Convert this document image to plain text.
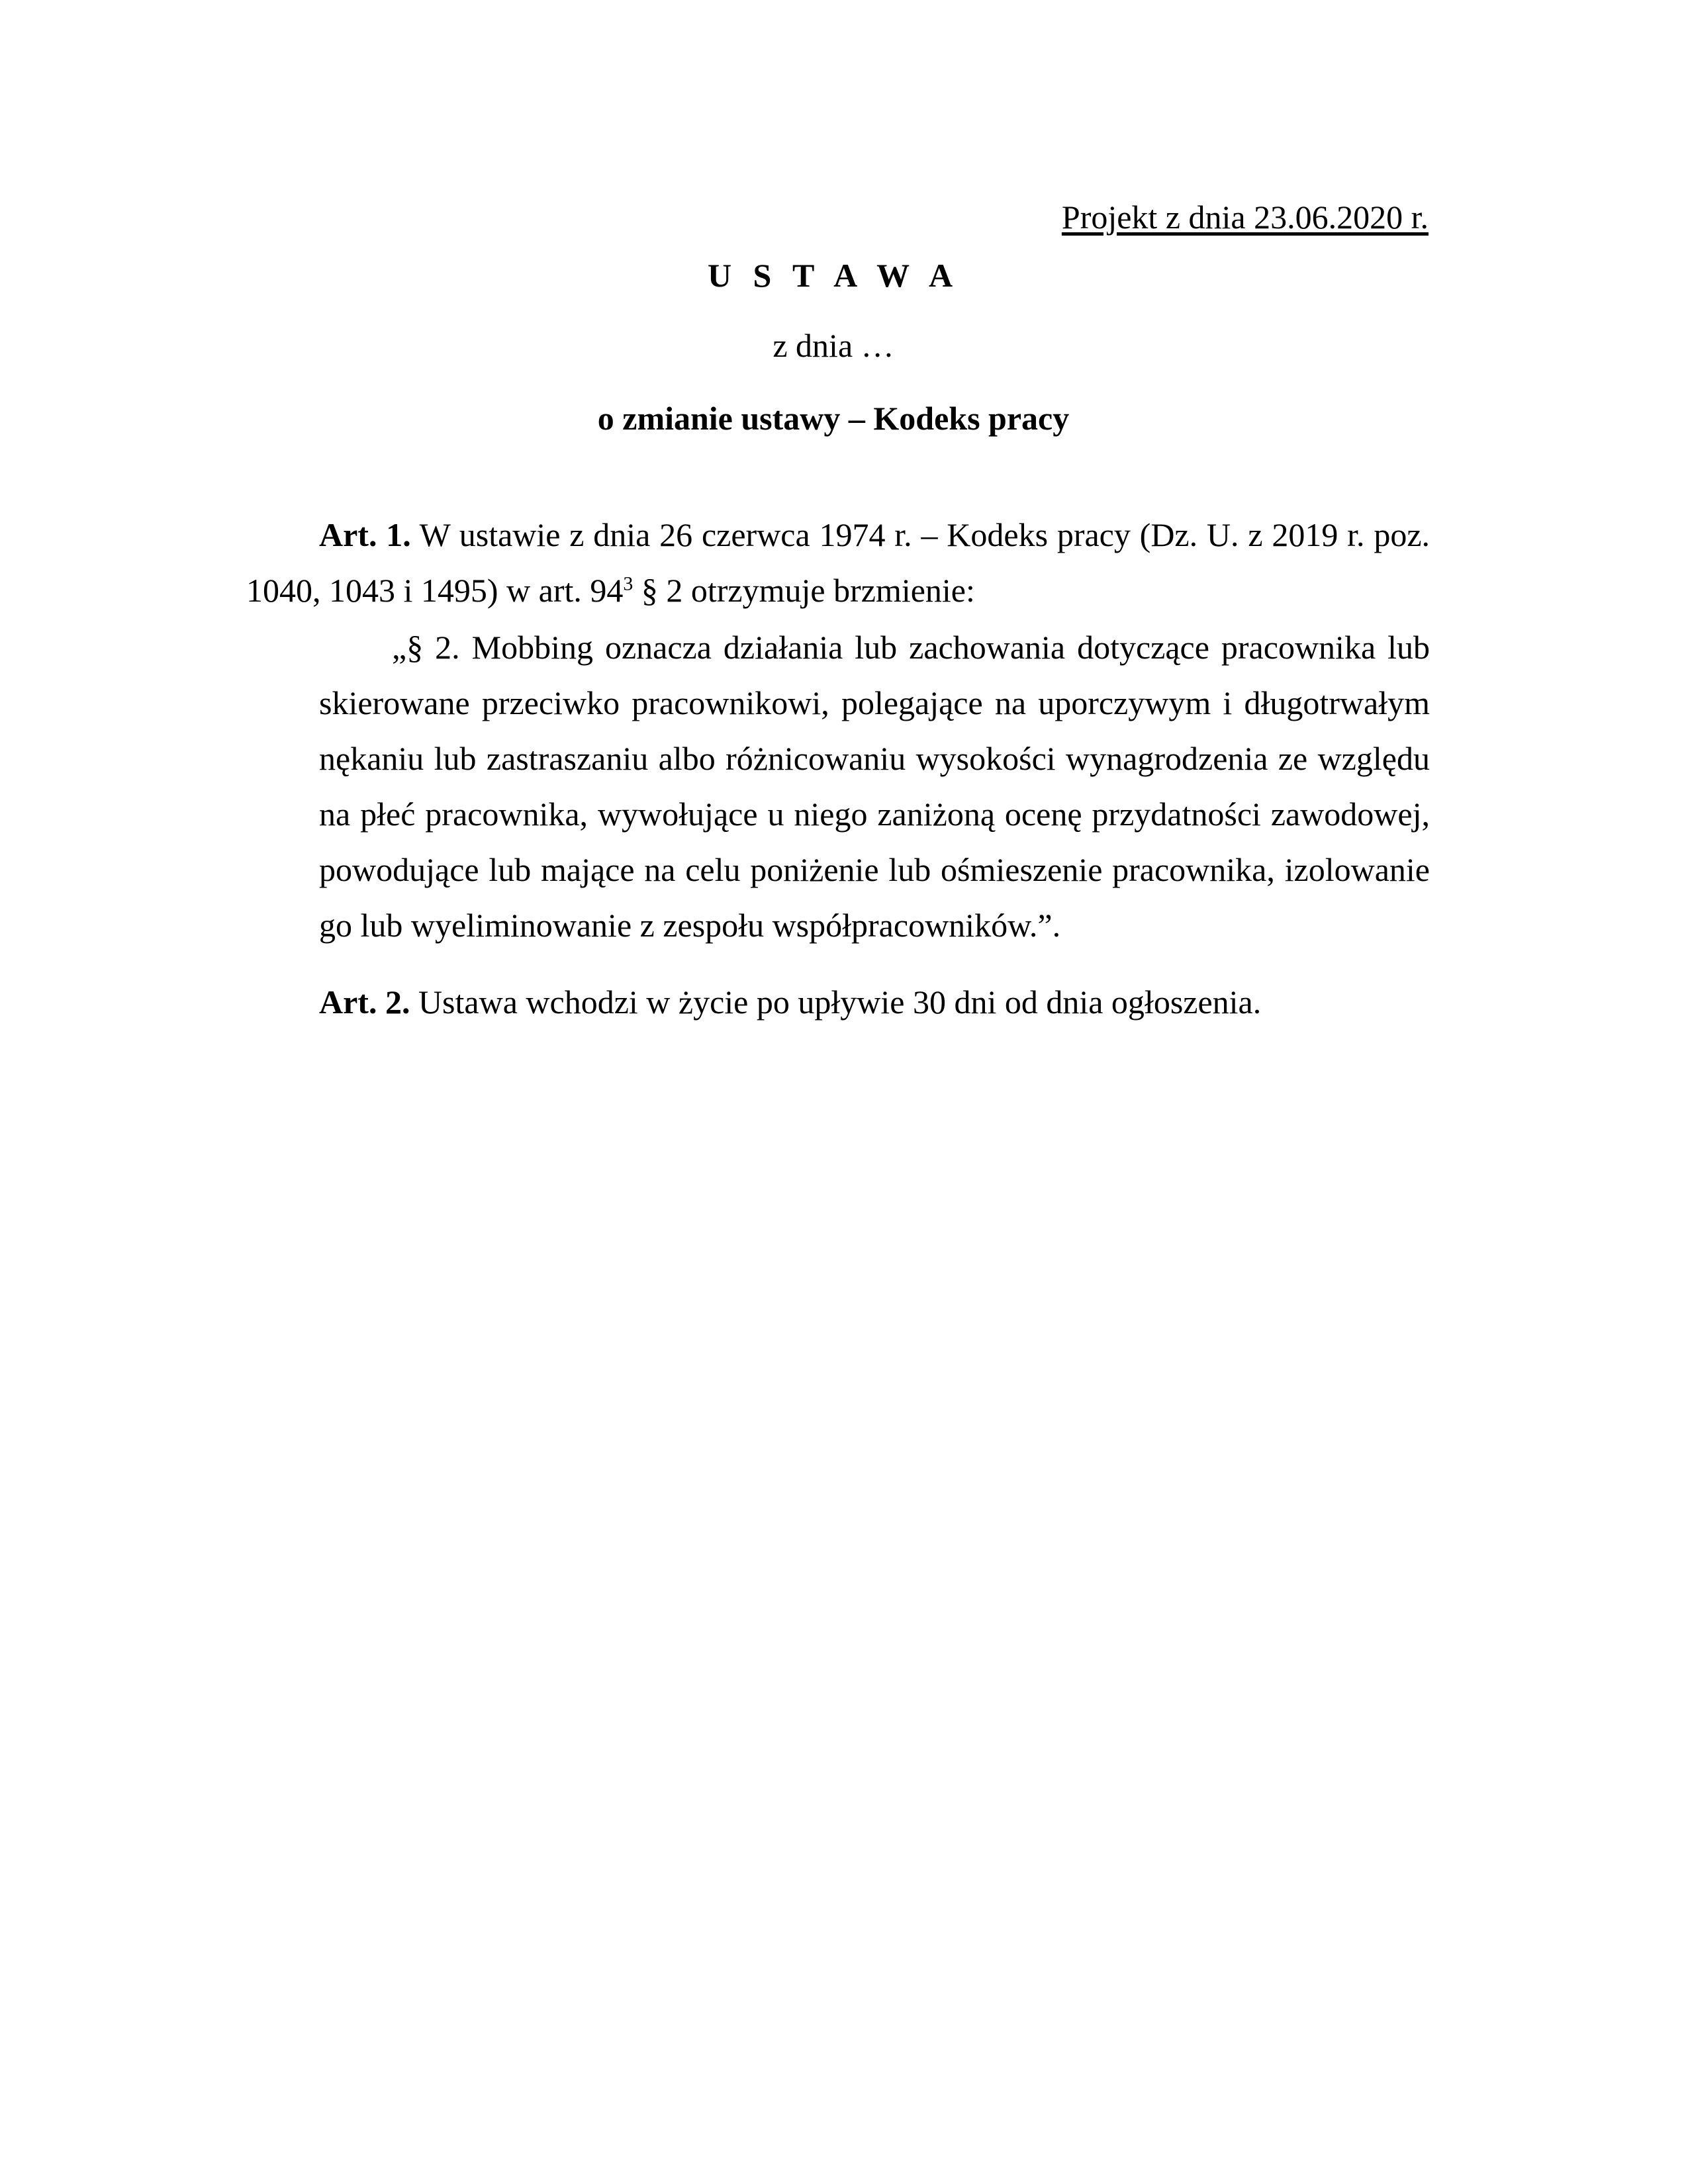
Projekt z dnia 23.06.2020 r.
U S T A W A
z dnia …
o zmianie ustawy – Kodeks pracy
Art. 1. W ustawie z dnia 26 czerwca 1974 r. – Kodeks pracy (Dz. U. z 2019 r. poz. 1040, 1043 i 1495) w art. $94^3$ § 2 otrzymuje brzmienie:
„§ 2. Mobbing oznacza działania lub zachowania dotyczące pracownika lub skierowane przeciwko pracownikowi, polegające na uporczywym i długotrwałym nękaniu lub zastraszaniu albo różnicowaniu wysokości wynagrodzenia ze względu na płeć pracownika, wywołujące u niego zaniżoną ocenę przydatności zawodowej, powodujące lub mające na celu poniżenie lub ośmieszenie pracownika, izolowanie go lub wyeliminowanie z zespołu współpracowników.”.
Art. 2. Ustawa wchodzi w życie po upływie 30 dni od dnia ogłoszenia.
